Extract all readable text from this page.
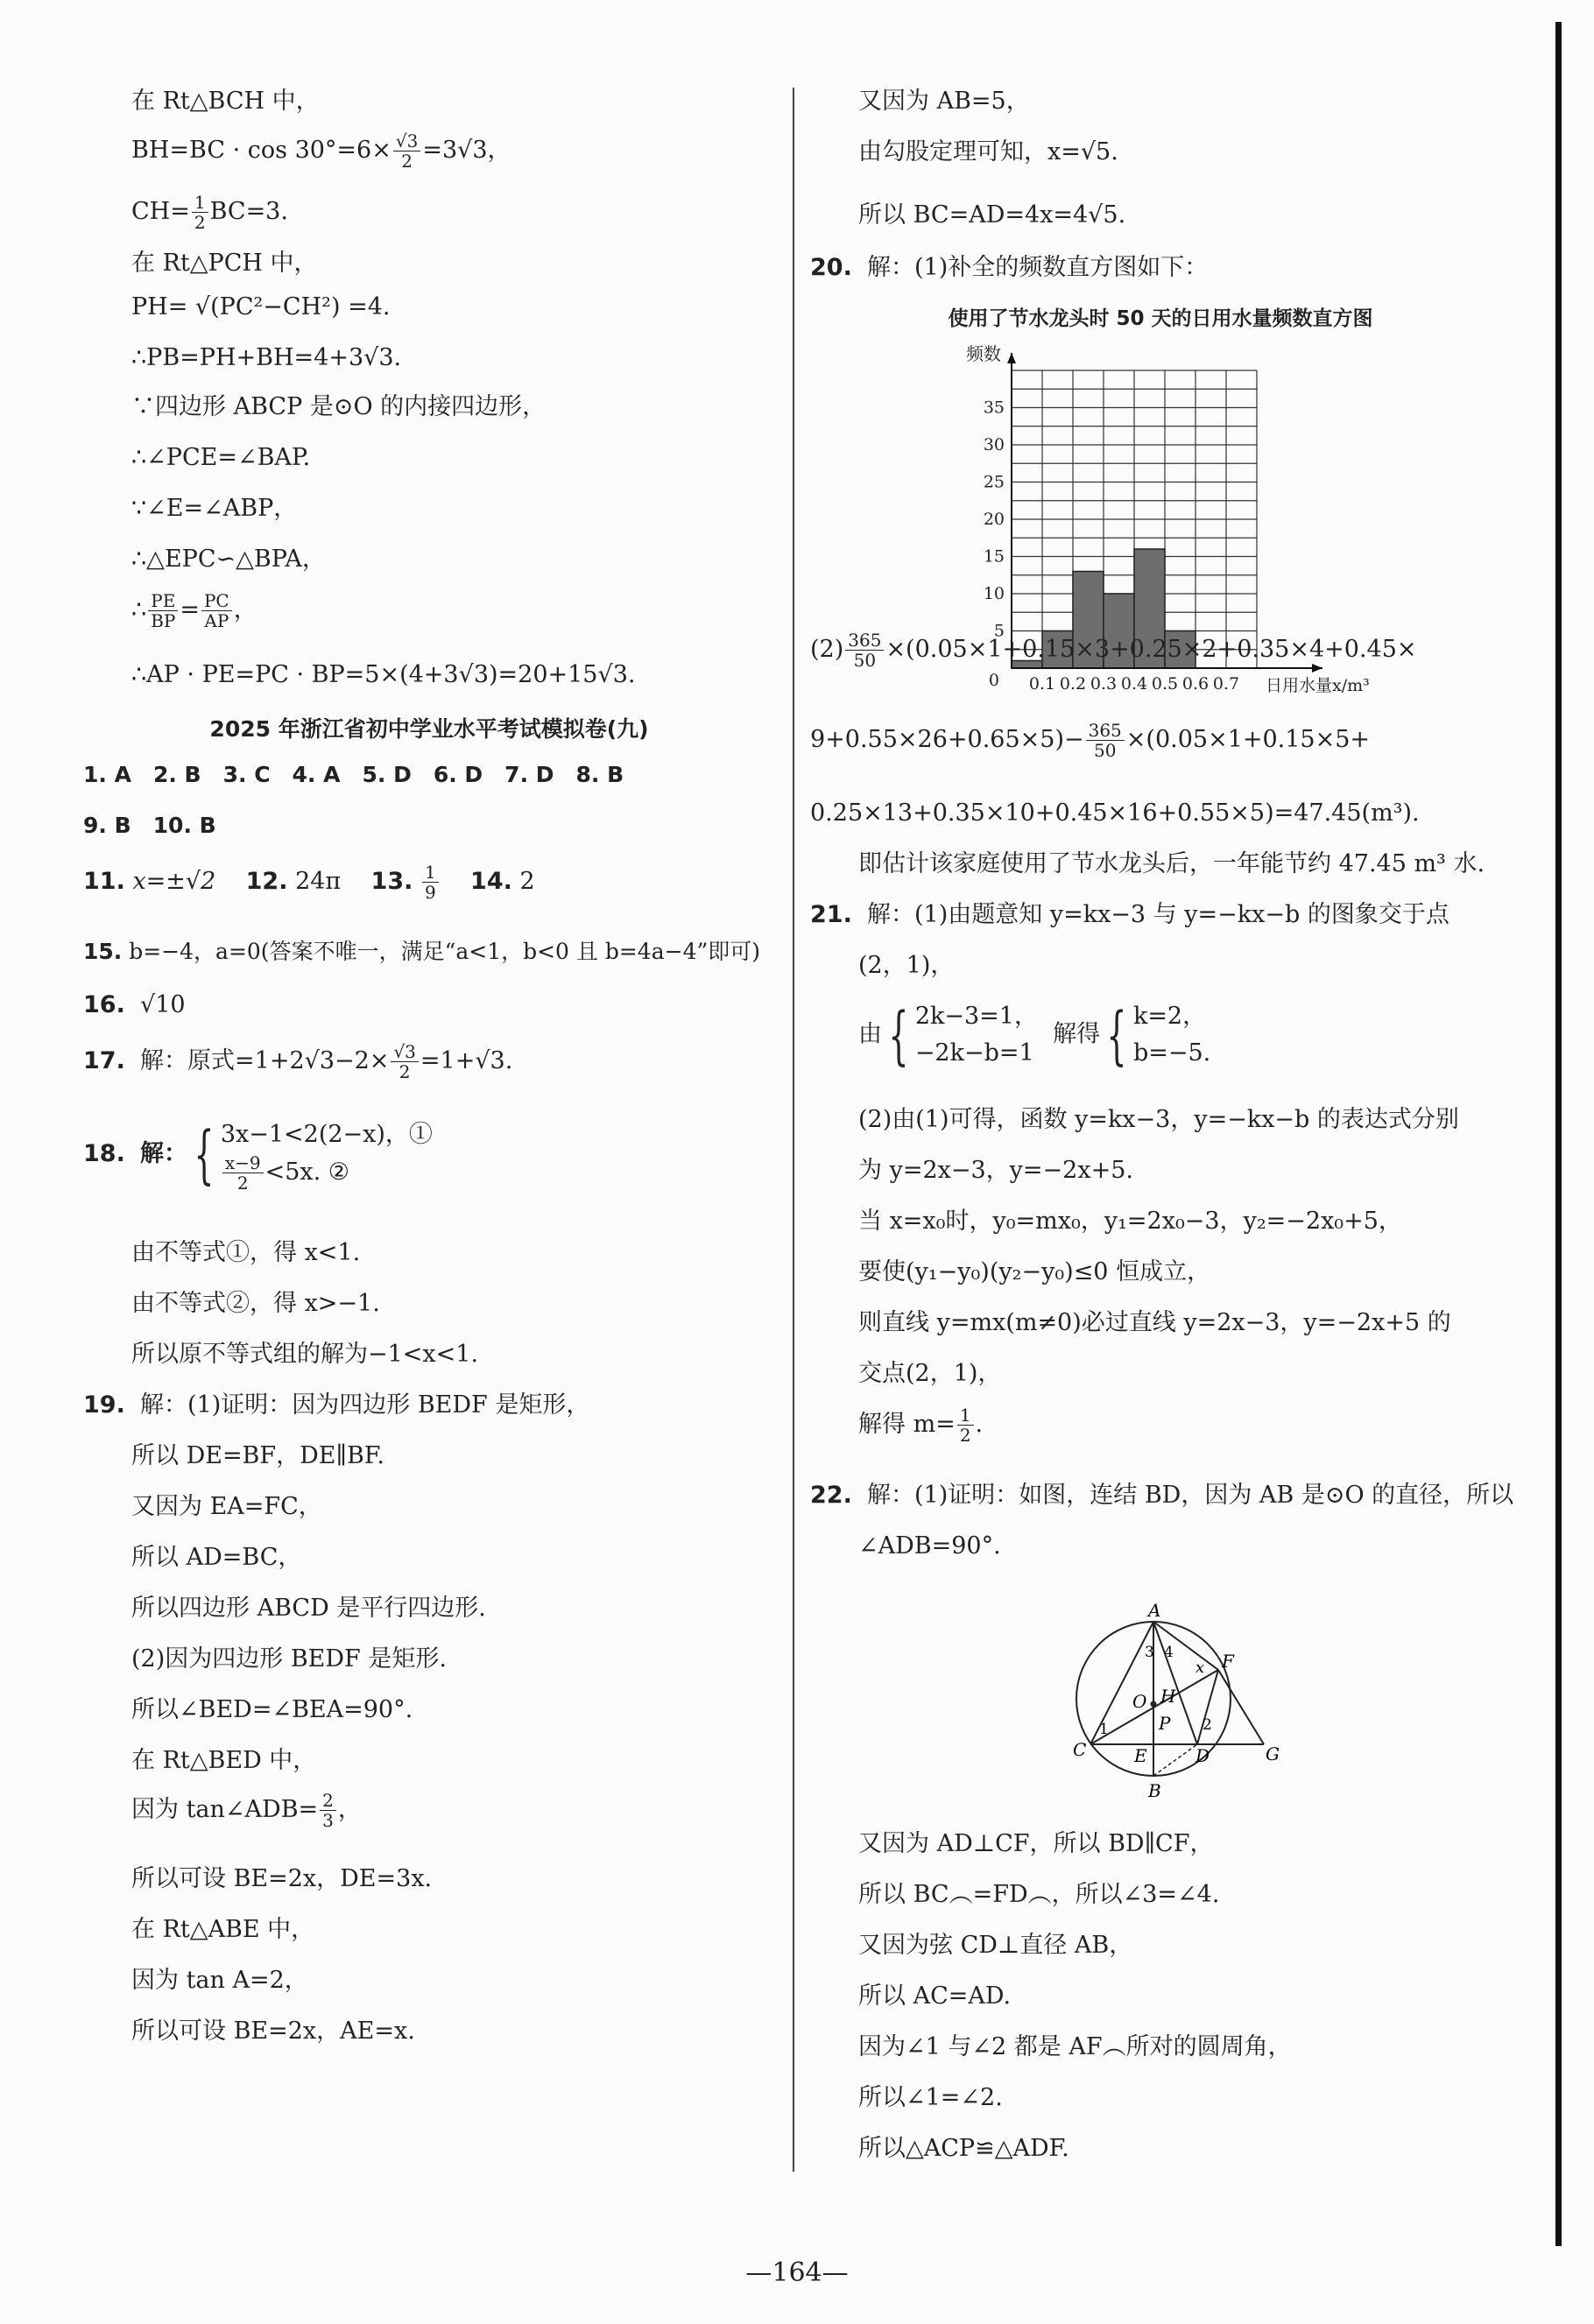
在 Rt△BCH 中，
$BH=BC \cdot \cos 30^\circ=6\times \frac{√3}{2} =3√3$，
$CH= \frac{1}{2} BC=3$.
在 Rt△PCH 中，
PH= √(PC²−CH²) =4.
∴PB=PH+BH=4+3√3.
∵四边形 ABCP 是⊙O 的内接四边形，
∴∠PCE=∠BAP.
∵∠E=∠ABP，
∴△EPC∽△BPA，
∴ $\frac{PE}{BP} = \frac{PC}{AP}$ ，
∴AP · PE=PC · BP=5×(4+3√3)=20+15√3.
2025 年浙江省初中学业水平考试模拟卷(九)
1. A　2. B　3. C　4. A　5. D　6. D　7. D　8. B
9. B　10. B
11. x=±√2 12. 24π 13. $\frac{1}{9} 14$. 2
15. b=−4，a=0(答案不唯一，满足“a<1，b<0 且 b=4a−4”即可)
16. √10
17. 解：原式$=1+2√3-2\times \frac{√3}{2} =1+√3$.
18. 解： { 3x−1<2(2−x)，①
$\frac{x-9}{2} <5x$. ②
由不等式①，得 x<1.
由不等式②，得 x>−1.
所以原不等式组的解为−1<x<1.
19. 解：(1)证明：因为四边形 BEDF 是矩形，
所以 DE=BF，DE∥BF.
又因为 EA=FC，
所以 AD=BC，
所以四边形 ABCD 是平行四边形.
(2)因为四边形 BEDF 是矩形.
所以∠BED=∠BEA=90°.
在 Rt△BED 中，
因为 tan∠ADB= $\frac{2}{3}$ ，
所以可设 BE=2x，DE=3x.
在 Rt△ABE 中，
因为 tan A=2，
所以可设 BE=2x，AE=x.
又因为 AB=5，
由勾股定理可知，x=√5.
所以 BC=AD=4x=4√5.
20. 解：(1)补全的频数直方图如下：
使用了节水龙头时 50 天的日用水量频数直方图
5
10
15
20
25
30
35
0.1 0.2 0.3 0.4 0.5 0.6 0.7
0
频数
日用水量x/m³
$(2) \frac{365}{50} \times(0.05\times 1+0.15\times 3+0.25\times 2+0.35\times 4+0.45\times$
$9+0.55\times 26+0.65\times 5)- \frac{365}{50} \times(0.05\times 1+0.15\times 5+$
0.25×13+0.35×10+0.45×16+0.55×5)=47.45(m³).
即估计该家庭使用了节水龙头后，一年能节约 47.45 m³ 水.
21. 解：(1)由题意知 y=kx−3 与 y=−kx−b 的图象交于点
(2，1)，
由 { 2k−3=1，
−2k−b=1
解得 { k=2，
b=−5.
(2)由(1)可得，函数 y=kx−3，y=−kx−b 的表达式分别
为 y=2x−3，y=−2x+5.
当 x=x₀时，y₀=mx₀，y₁=2x₀−3，y₂=−2x₀+5，
要使(y₁−y₀)(y₂−y₀)≤0 恒成立，
则直线 y=mx(m≠0)必过直线 y=2x−3，y=−2x+5 的
交点(2，1)，
解得 $m= \frac{1}{2}$ .
22. 解：(1)证明：如图，连结 BD，因为 AB 是⊙O 的直径，所以
∠ADB=90°.
A
B
C	D
E
F
G
H
O
P
x
1	2
3 4
又因为 AD⊥CF，所以 BD∥CF，
所以 BC︵=FD︵，所以∠3=∠4.
又因为弦 CD⊥直径 AB，
所以 AC=AD.
因为∠1 与∠2 都是 AF︵所对的圆周角，
所以∠1=∠2.
所以△ACP≌△ADF.
—164—
